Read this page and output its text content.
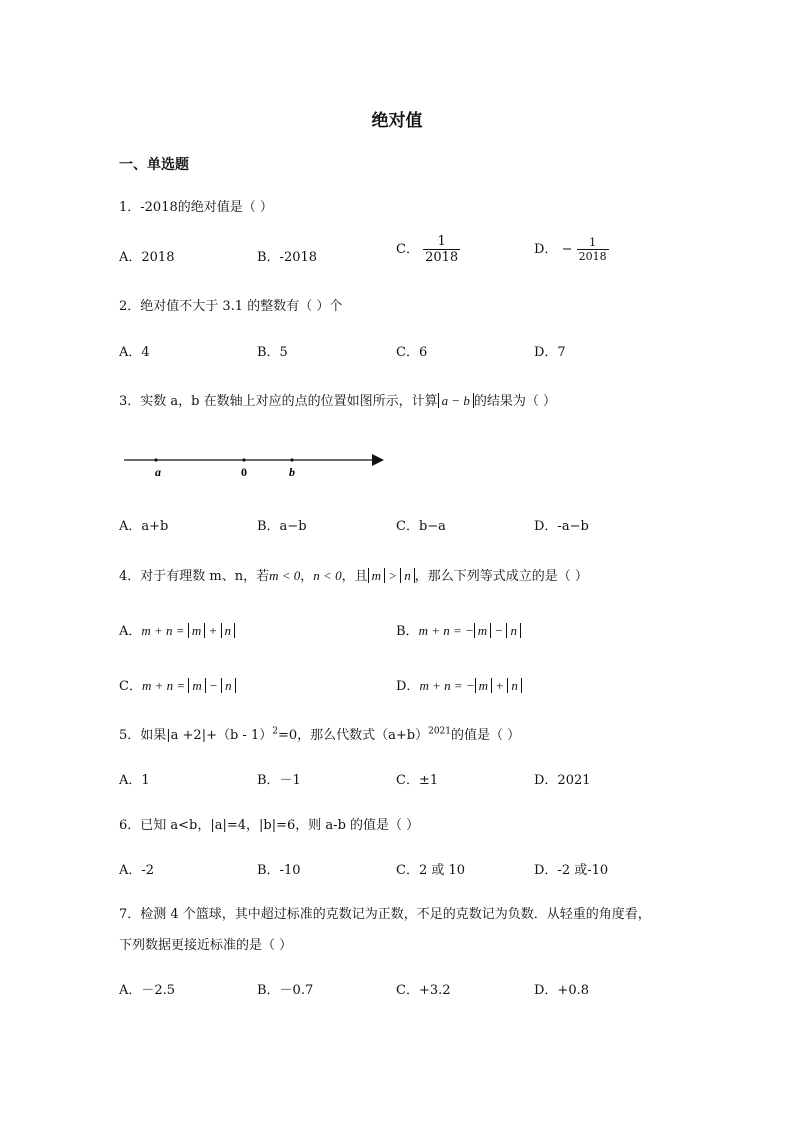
绝对值
一、单选题
1．-2018的绝对值是（ ）
A．2018	B．-2018
C． $\frac{1}{2018}$	D． − $\frac{1}{2018}$
2．绝对值不大于 3.1 的整数有（ ）个
A．4	B．5	C．6	D．7
3．实数 a，b 在数轴上对应的点的位置如图所示，计算 a − b 的结果为（ ）
a	0	b
A．a+b	B．a−b	C．b−a	D．-a−b
4．对于有理数 m、n，若m < 0，n < 0，且 m > n ，那么下列等式成立的是（ ）
A．m + n = m + n	B．m + n = − m − n
C．m + n = m − n	D．m + n = − m + n
5．如果|a +2|+（b - 1）$^2$=0，那么代数式$(a+b)^{2021}$的值是（ ）
A．1	B．－1	C．±1	D．2021
6．已知 a<b，|a|=4，|b|=6，则 a-b 的值是（ ）
A．-2	B．-10	C．2 或 10	D．-2 或-10
7．检测 4 个篮球，其中超过标准的克数记为正数，不足的克数记为负数．从轻重的角度看，
下列数据更接近标准的是（ ）
A．－2.5	B．－0.7	C．+3.2	D．+0.8
